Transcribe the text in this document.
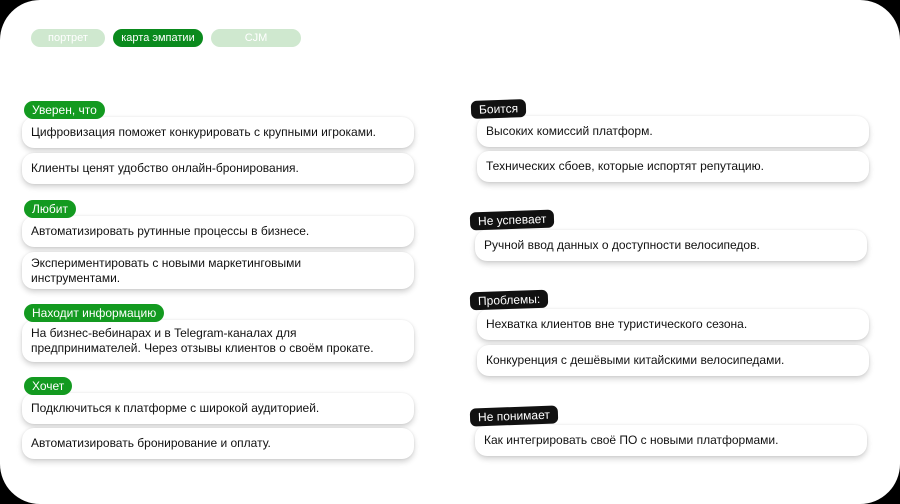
портрет	карта эмпатии	CJM
Цифровизация поможет конкурировать с крупными игроками.
Клиенты ценят удобство онлайн-бронирования.
Уверен, что
Автоматизировать рутинные процессы в бизнесе.
Экспериментировать с новыми маркетинговыми инструментами.
Любит
На бизнес-вебинарах и в Telegram-каналах для предпринимателей. Через отзывы клиентов о своём прокате.
Находит информацию
Подключиться к платформе с широкой аудиторией.
Автоматизировать бронирование и оплату.
Хочет
Высоких комиссий платформ.
Технических сбоев, которые испортят репутацию.
Боится
Ручной ввод данных о доступности велосипедов.
Не успевает
Нехватка клиентов вне туристического сезона.
Конкуренция с дешёвыми китайскими велосипедами.
Проблемы:
Как интегрировать своё ПО с новыми платформами.
Не понимает
